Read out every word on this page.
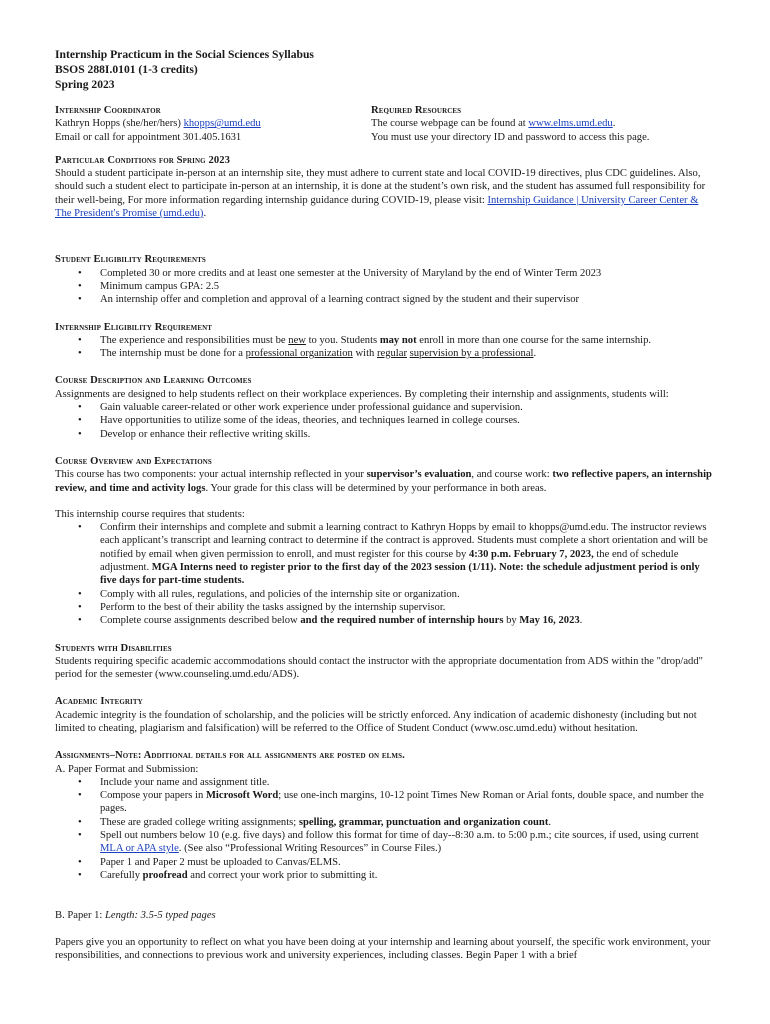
Internship Practicum in the Social Sciences Syllabus
BSOS 288I.0101 (1-3 credits)
Spring 2023
Internship Coordinator
Kathryn Hopps (she/her/hers) khopps@umd.edu
Email or call for appointment 301.405.1631
Required Resources
The course webpage can be found at www.elms.umd.edu.
You must use your directory ID and password to access this page.
Particular Conditions for Spring 2023

Should a student participate in-person at an internship site, they must adhere to current state and local COVID-19 directives, plus CDC guidelines. Also, should such a student elect to participate in-person at an internship, it is done at the student’s own risk, and the student has assumed full responsibility for their well-being, For more information regarding internship guidance during COVID-19, please visit: Internship Guidance | University Career Center & The President's Promise (umd.edu).

Student Eligibility Requirements
• Completed 30 or more credits and at least one semester at the University of Maryland by the end of Winter Term 2023
• Minimum campus GPA: 2.5
• An internship offer and completion and approval of a learning contract signed by the student and their supervisor
Internship Eligibility Requirement
• The experience and responsibilities must be new to you. Students may not enroll in more than one course for the same internship.
• The internship must be done for a professional organization with regular supervision by a professional.
Course Description and Learning Outcomes

Assignments are designed to help students reflect on their workplace experiences. By completing their internship and assignments, students will:

• Gain valuable career-related or other work experience under professional guidance and supervision.
• Have opportunities to utilize some of the ideas, theories, and techniques learned in college courses.
• Develop or enhance their reflective writing skills.
Course Overview and Expectations

This course has two components: your actual internship reflected in your supervisor’s evaluation, and course work: two reflective papers, an internship review, and time and activity logs. Your grade for this class will be determined by your performance in both areas.

This internship course requires that students:

• Confirm their internships and complete and submit a learning contract to Kathryn Hopps by email to khopps@umd.edu. The instructor reviews each applicant’s transcript and learning contract to determine if the contract is approved. Students must complete a short orientation and will be notified by email when given permission to enroll, and must register for this course by 4:30 p.m. February 7, 2023, the end of schedule adjustment. MGA Interns need to register prior to the first day of the 2023 session (1/11). Note: the schedule adjustment period is only five days for part-time students.
• Comply with all rules, regulations, and policies of the internship site or organization.
• Perform to the best of their ability the tasks assigned by the internship supervisor.
• Complete course assignments described below and the required number of internship hours by May 16, 2023.
Students with Disabilities

Students requiring specific academic accommodations should contact the instructor with the appropriate documentation from ADS within the "drop/add" period for the semester (www.counseling.umd.edu/ADS).

Academic Integrity

Academic integrity is the foundation of scholarship, and the policies will be strictly enforced. Any indication of academic dishonesty (including but not limited to cheating, plagiarism and falsification) will be referred to the Office of Student Conduct (www.osc.umd.edu) without hesitation.

Assignments–Note: Additional details for all assignments are posted on elms.

A. Paper Format and Submission:

• Include your name and assignment title.
• Compose your papers in Microsoft Word; use one-inch margins, 10-12 point Times New Roman or Arial fonts, double space, and number the pages.
• These are graded college writing assignments; spelling, grammar, punctuation and organization count.
• Spell out numbers below 10 (e.g. five days) and follow this format for time of day--8:30 a.m. to 5:00 p.m.; cite sources, if used, using current MLA or APA style. (See also “Professional Writing Resources” in Course Files.)
• Paper 1 and Paper 2 must be uploaded to Canvas/ELMS.
• Carefully proofread and correct your work prior to submitting it.

B. Paper 1: Length: 3.5-5 typed pages

Papers give you an opportunity to reflect on what you have been doing at your internship and learning about yourself, the specific work environment, your responsibilities, and connections to previous work and university experiences, including classes. Begin Paper 1 with a brief
